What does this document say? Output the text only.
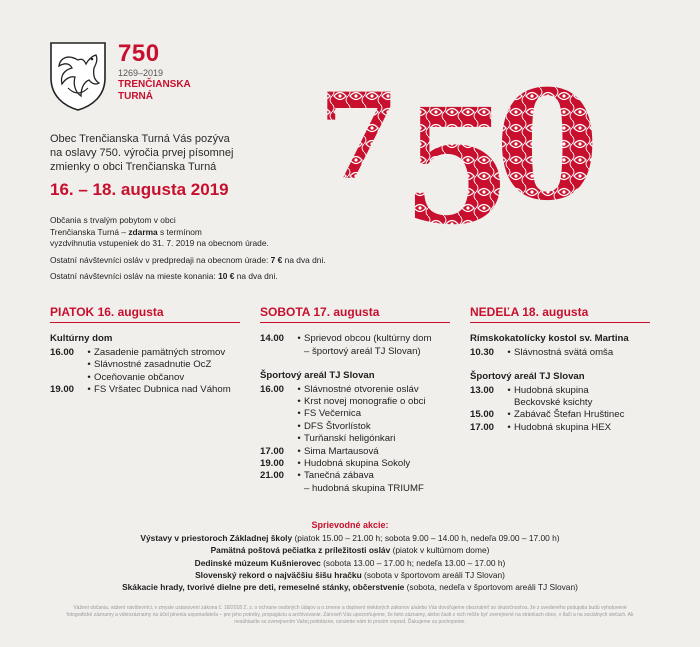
750
1269–2019
TRENČIANSKA
TURNÁ	7 5
0
Obec Trenčianska Turná Vás pozýva
na oslavy 750. výročia prvej písomnej
zmienky o obci Trenčianska Turná
16. – 18. augusta 2019

Občania s trvalým pobytom v obci
Trenčianska Turná – zdarma s termínom
vyzdvihnutia vstupeniek do 31. 7. 2019 na obecnom úrade.

Ostatní návštevníci osláv v predpredaji na obecnom úrade: 7 € na dva dni.

Ostatní návštevníci osláv na mieste konania: 10 € na dva dni.

PIATOK 16. augusta
Kultúrny dom
16.00	• Zasadenie pamätných stromov
• Slávnostné zasadnutie OcZ
• Oceňovanie občanov
19.00	• FS Vršatec Dubnica nad Váhom
SOBOTA 17. augusta
14.00	• Sprievod obcou (kultúrny dom
– športový areál TJ Slovan)
Športový areál TJ Slovan
16.00	• Slávnostné otvorenie osláv
• Krst novej monografie o obci
• FS Večernica
• DFS Štvorlístok
• Turňanskí heligónkari
17.00	• Sima Martausová
19.00	• Hudobná skupina Sokoly
21.00	• Tanečná zábava
– hudobná skupina TRIUMF
NEDEĽA 18. augusta
Rímskokatolícky kostol sv. Martina
10.30	• Slávnostná svätá omša
Športový areál TJ Slovan
13.00	• Hudobná skupina
Beckovské ksichty
15.00	• Zabávač Štefan Hruštinec
17.00	• Hudobná skupina HEX
Sprievodné akcie:
Výstavy v priestoroch Základnej školy (piatok 15.00 – 21.00 h; sobota 9.00 – 14.00 h, nedeľa 09.00 – 17.00 h)
Pamätná poštová pečiatka z príležitosti osláv (piatok v kultúrnom dome)
Dedinské múzeum Kušnierovec (sobota 13.00 – 17.00 h; nedeľa 13.00 – 17.00 h)
Slovenský rekord o najväčšiu šišu hračku (sobota v športovom areáli TJ Slovan)
Skákacie hrady, tvorivé dielne pre deti, remeselné stánky, občerstvenie (sobota, nedeľa v športovom areáli TJ Slovan)
Vážení občania, vážení návštevníci, v zmysle ustanovení zákona č. 18/2018 Z. z. o ochrane osobných údajov a o zmene a doplnení niektorých zákonov a/alebo Vás dovoľujeme oboznámiť so skutočnosťou, že z uvedeného podujatia budú vyhotovené fotografické záznamy a videozáznamy na účel plnenia usporiadateľa – pre jeho potreby, propagáciu a archivovanie. Zároveň Vás upozorňujeme, že tieto záznamy, alebo časti z nich môže byť zverejnené na stránkach obce, v tlači a na sociálnych sieťach. Ak nesúhlasíte so zverejnením Vašej podobizne, oznámte nám to prosím vopred. Ďakujeme za pochopenie.
